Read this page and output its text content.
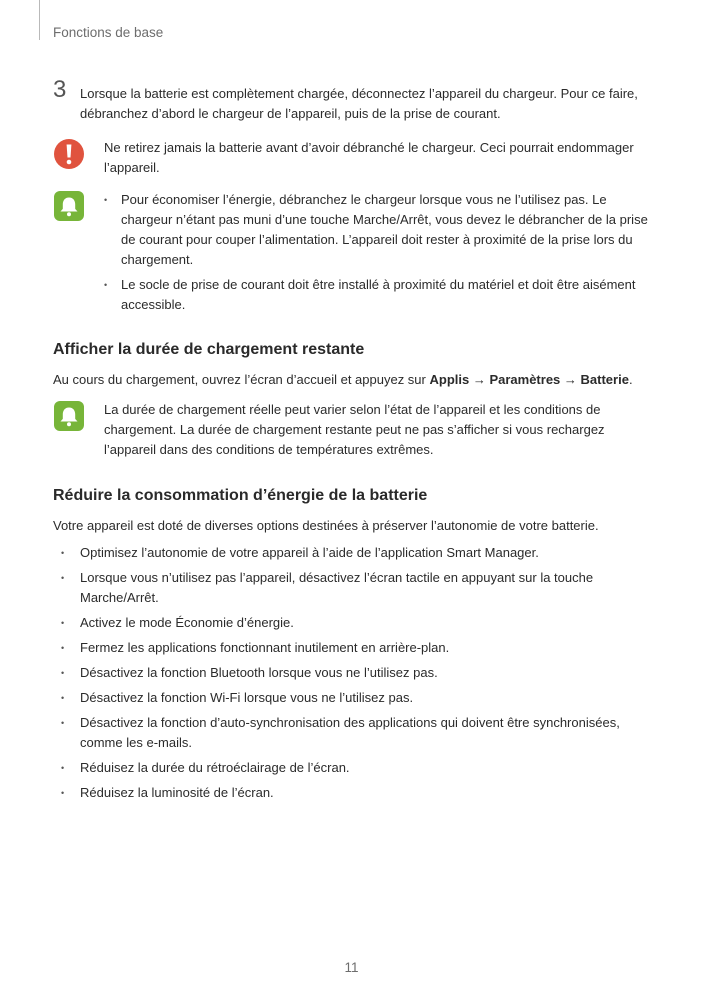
Fonctions de base
3 Lorsque la batterie est complètement chargée, déconnectez l’appareil du chargeur. Pour ce faire, débranchez d’abord le chargeur de l’appareil, puis de la prise de courant.
Ne retirez jamais la batterie avant d’avoir débranché le chargeur. Ceci pourrait endommager l’appareil.
• Pour économiser l’énergie, débranchez le chargeur lorsque vous ne l’utilisez pas. Le chargeur n’étant pas muni d’une touche Marche/Arrêt, vous devez le débrancher de la prise de courant pour couper l’alimentation. L’appareil doit rester à proximité de la prise lors du chargement.
• Le socle de prise de courant doit être installé à proximité du matériel et doit être aisément accessible.
Afficher la durée de chargement restante
Au cours du chargement, ouvrez l’écran d’accueil et appuyez sur Applis → Paramètres → Batterie.
La durée de chargement réelle peut varier selon l’état de l’appareil et les conditions de chargement. La durée de chargement restante peut ne pas s’afficher si vous rechargez l’appareil dans des conditions de températures extrêmes.
Réduire la consommation d’énergie de la batterie
Votre appareil est doté de diverses options destinées à préserver l’autonomie de votre batterie.
• Optimisez l’autonomie de votre appareil à l’aide de l’application Smart Manager.
• Lorsque vous n’utilisez pas l’appareil, désactivez l’écran tactile en appuyant sur la touche Marche/Arrêt.
• Activez le mode Économie d’énergie.
• Fermez les applications fonctionnant inutilement en arrière-plan.
• Désactivez la fonction Bluetooth lorsque vous ne l’utilisez pas.
• Désactivez la fonction Wi-Fi lorsque vous ne l’utilisez pas.
• Désactivez la fonction d’auto-synchronisation des applications qui doivent être synchronisées, comme les e-mails.
• Réduisez la durée du rétroéclairage de l’écran.
• Réduisez la luminosité de l’écran.
11
